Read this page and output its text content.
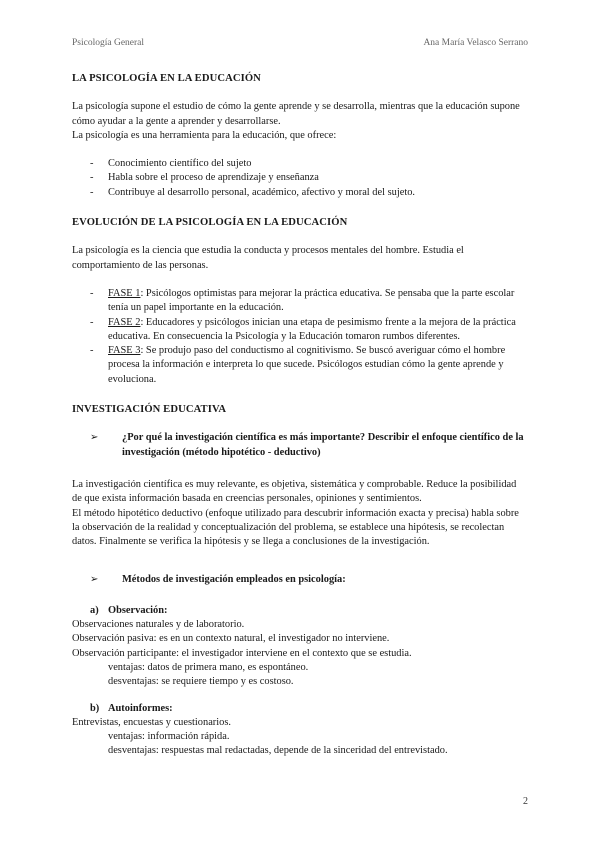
Psicología General	Ana María Velasco Serrano
LA PSICOLOGÍA EN LA EDUCACIÓN

La psicología supone el estudio de cómo la gente aprende y se desarrolla, mientras que la educación supone cómo ayudar a la gente a aprender y desarrollarse.

La psicología es una herramienta para la educación, que ofrece:

- Conocimiento científico del sujeto
- Habla sobre el proceso de aprendizaje y enseñanza
- Contribuye al desarrollo personal, académico, afectivo y moral del sujeto.
EVOLUCIÓN DE LA PSICOLOGÍA EN LA EDUCACIÓN

La psicología es la ciencia que estudia la conducta y procesos mentales del hombre. Estudia el comportamiento de las personas.

- FASE 1: Psicólogos optimistas para mejorar la práctica educativa. Se pensaba que la parte escolar tenía un papel importante en la educación.
- FASE 2: Educadores y psicólogos inician una etapa de pesimismo frente a la mejora de la práctica educativa. En consecuencia la Psicología y la Educación tomaron rumbos diferentes.
- FASE 3: Se produjo paso del conductismo al cognitivismo. Se buscó averiguar cómo el hombre procesa la información e interpreta lo que sucede. Psicólogos estudian cómo la gente aprende y evoluciona.
INVESTIGACIÓN EDUCATIVA
➢ ¿Por qué la investigación científica es más importante? Describir el enfoque científico de la investigación (método hipotético - deductivo)

La investigación científica es muy relevante, es objetiva, sistemática y comprobable. Reduce la posibilidad de que exista información basada en creencias personales, opiniones y sentimientos.

El método hipotético deductivo (enfoque utilizado para descubrir información exacta y precisa) habla sobre la observación de la realidad y conceptualización del problema, se establece una hipótesis, se recolectan datos. Finalmente se verifica la hipótesis y se llega a conclusiones de la investigación.

➢ Métodos de investigación empleados en psicología:
a) Observación:

Observaciones naturales y de laboratorio.

Observación pasiva: es en un contexto natural, el investigador no interviene.

Observación participante: el investigador interviene en el contexto que se estudia.

ventajas: datos de primera mano, es espontáneo.

desventajas: se requiere tiempo y es costoso.

b) Autoinformes:

Entrevistas, encuestas y cuestionarios.

ventajas: información rápida.

desventajas: respuestas mal redactadas, depende de la sinceridad del entrevistado.

2
